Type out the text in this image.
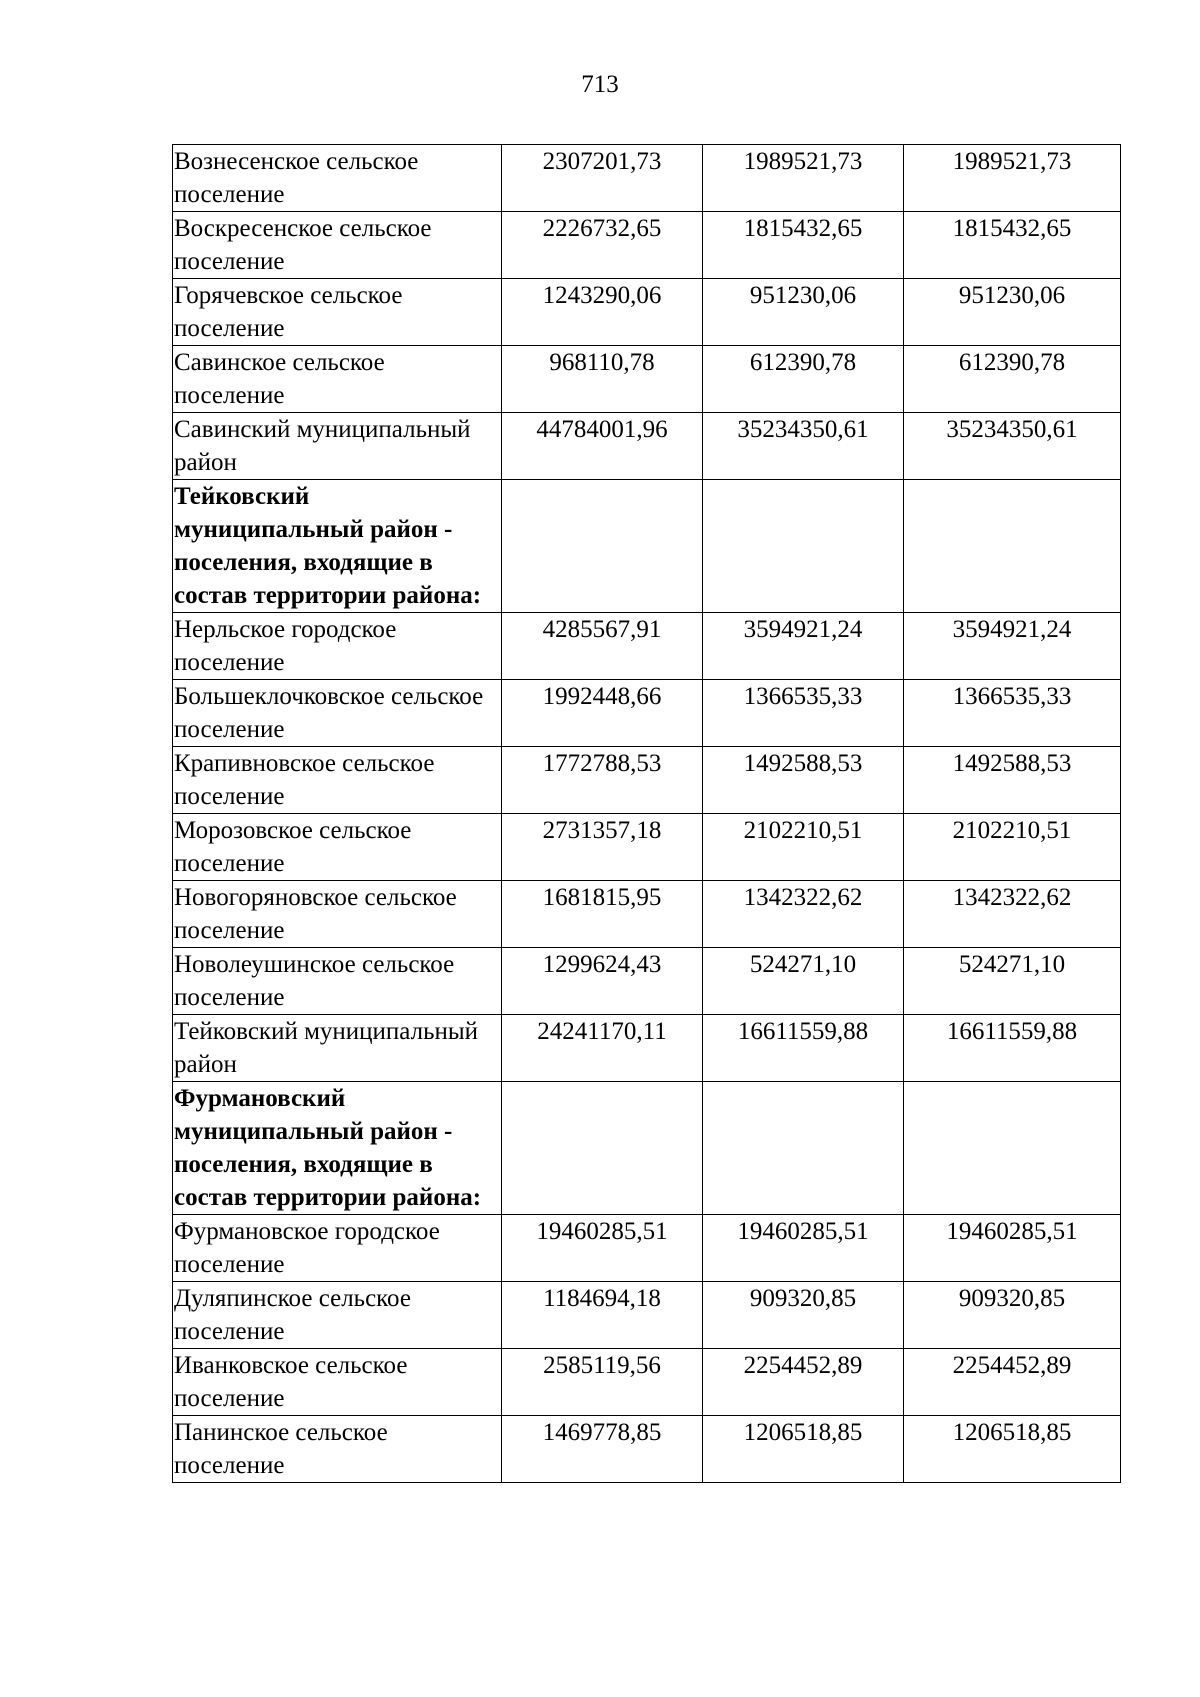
713
Вознесенское сельское поселение	2307201,73	1989521,73	1989521,73
Воскресенское сельское поселение	2226732,65	1815432,65	1815432,65
Горячевское сельское поселение	1243290,06	951230,06	951230,06
Савинское сельское поселение	968110,78	612390,78	612390,78
Савинский муниципальный район	44784001,96	35234350,61	35234350,61
Тейковский муниципальный район - поселения, входящие в состав территории района:			
Нерльское городское поселение	4285567,91	3594921,24	3594921,24
Большеклочковское сельское поселение	1992448,66	1366535,33	1366535,33
Крапивновское сельское поселение	1772788,53	1492588,53	1492588,53
Морозовское сельское поселение	2731357,18	2102210,51	2102210,51
Новогоряновское сельское поселение	1681815,95	1342322,62	1342322,62
Новолеушинское сельское поселение	1299624,43	524271,10	524271,10
Тейковский муниципальный район	24241170,11	16611559,88	16611559,88
Фурмановский муниципальный район - поселения, входящие в состав территории района:			
Фурмановское городское поселение	19460285,51	19460285,51	19460285,51
Дуляпинское сельское поселение	1184694,18	909320,85	909320,85
Иванковское сельское поселение	2585119,56	2254452,89	2254452,89
Панинское сельское поселение	1469778,85	1206518,85	1206518,85
